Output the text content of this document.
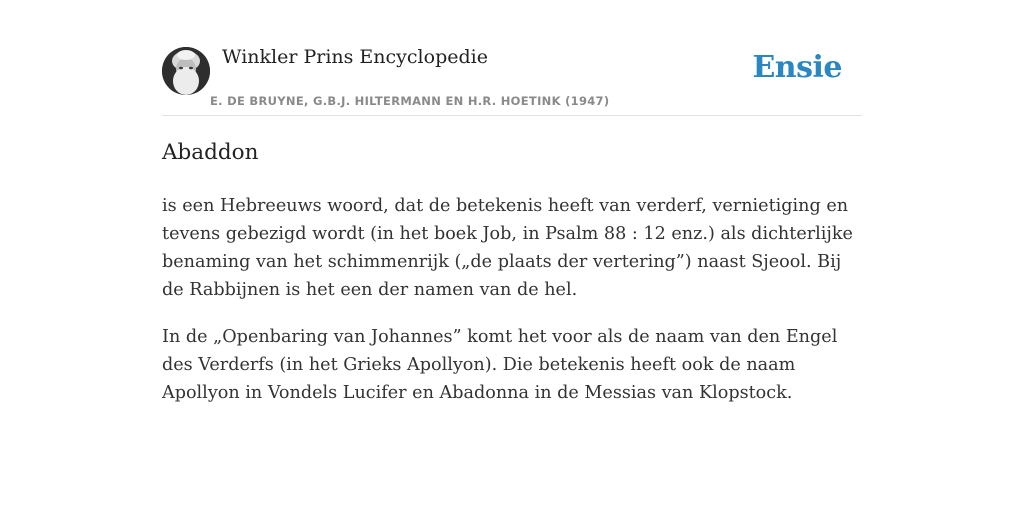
Winkler Prins Encyclopedie
E. DE BRUYNE, G.B.J. HILTERMANN EN H.R. HOETINK (1947)
Ensie
Abaddon

is een Hebreeuws woord, dat de betekenis heeft van verderf, vernietiging en tevens gebezigd wordt (in het boek Job, in Psalm 88 : 12 enz.) als dichterlijke benaming van het schimmenrijk („de plaats der vertering”) naast Sjeool. Bij de Rabbijnen is het een der namen van de hel.

In de „Openbaring van Johannes” komt het voor als de naam van den Engel des Verderfs (in het Grieks Apollyon). Die betekenis heeft ook de naam Apollyon in Vondels Lucifer en Abadonna in de Messias van Klopstock.
